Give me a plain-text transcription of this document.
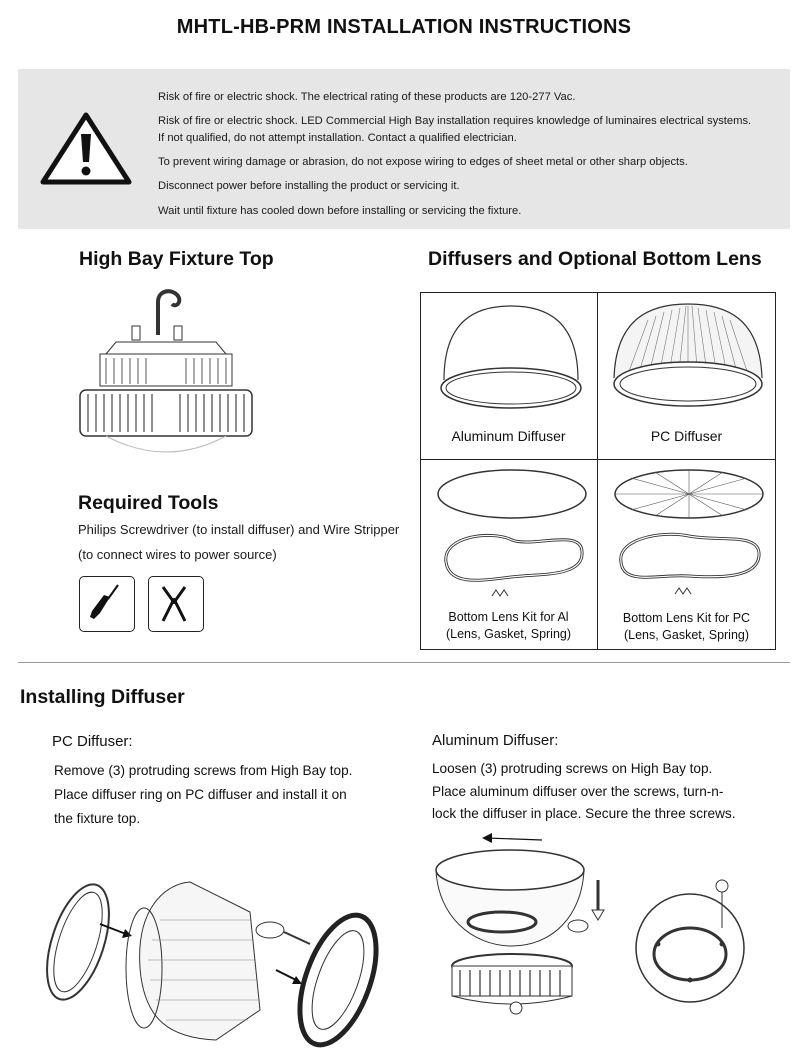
MHTL-HB-PRM INSTALLATION INSTRUCTIONS
Risk of fire or electric shock. The electrical rating of these products are 120-277 Vac.
Risk of fire or electric shock. LED Commercial High Bay installation requires knowledge of luminaires electrical systems.
If not qualified, do not attempt installation. Contact a qualified electrician.
To prevent wiring damage or abrasion, do not expose wiring to edges of sheet metal or other sharp objects.
Disconnect power before installing the product or servicing it.
Wait until fixture has cooled down before installing or servicing the fixture.
High Bay Fixture Top	Diffusers and Optional Bottom Lens
Aluminum Diffuser	PC Diffuser
Bottom Lens Kit for Al
(Lens, Gasket, Spring)
Bottom Lens Kit for PC
(Lens, Gasket, Spring)
Required Tools
Philips Screwdriver (to install diffuser) and Wire Stripper
(to connect wires to power source)
Installing Diffuser
PC Diffuser:
Remove (3) protruding screws from High Bay top.
Place diffuser ring on PC diffuser and install it on
the fixture top.
Aluminum Diffuser:
Loosen (3) protruding screws on High Bay top.
Place aluminum diffuser over the screws, turn-n-
lock the diffuser in place. Secure the three screws.
